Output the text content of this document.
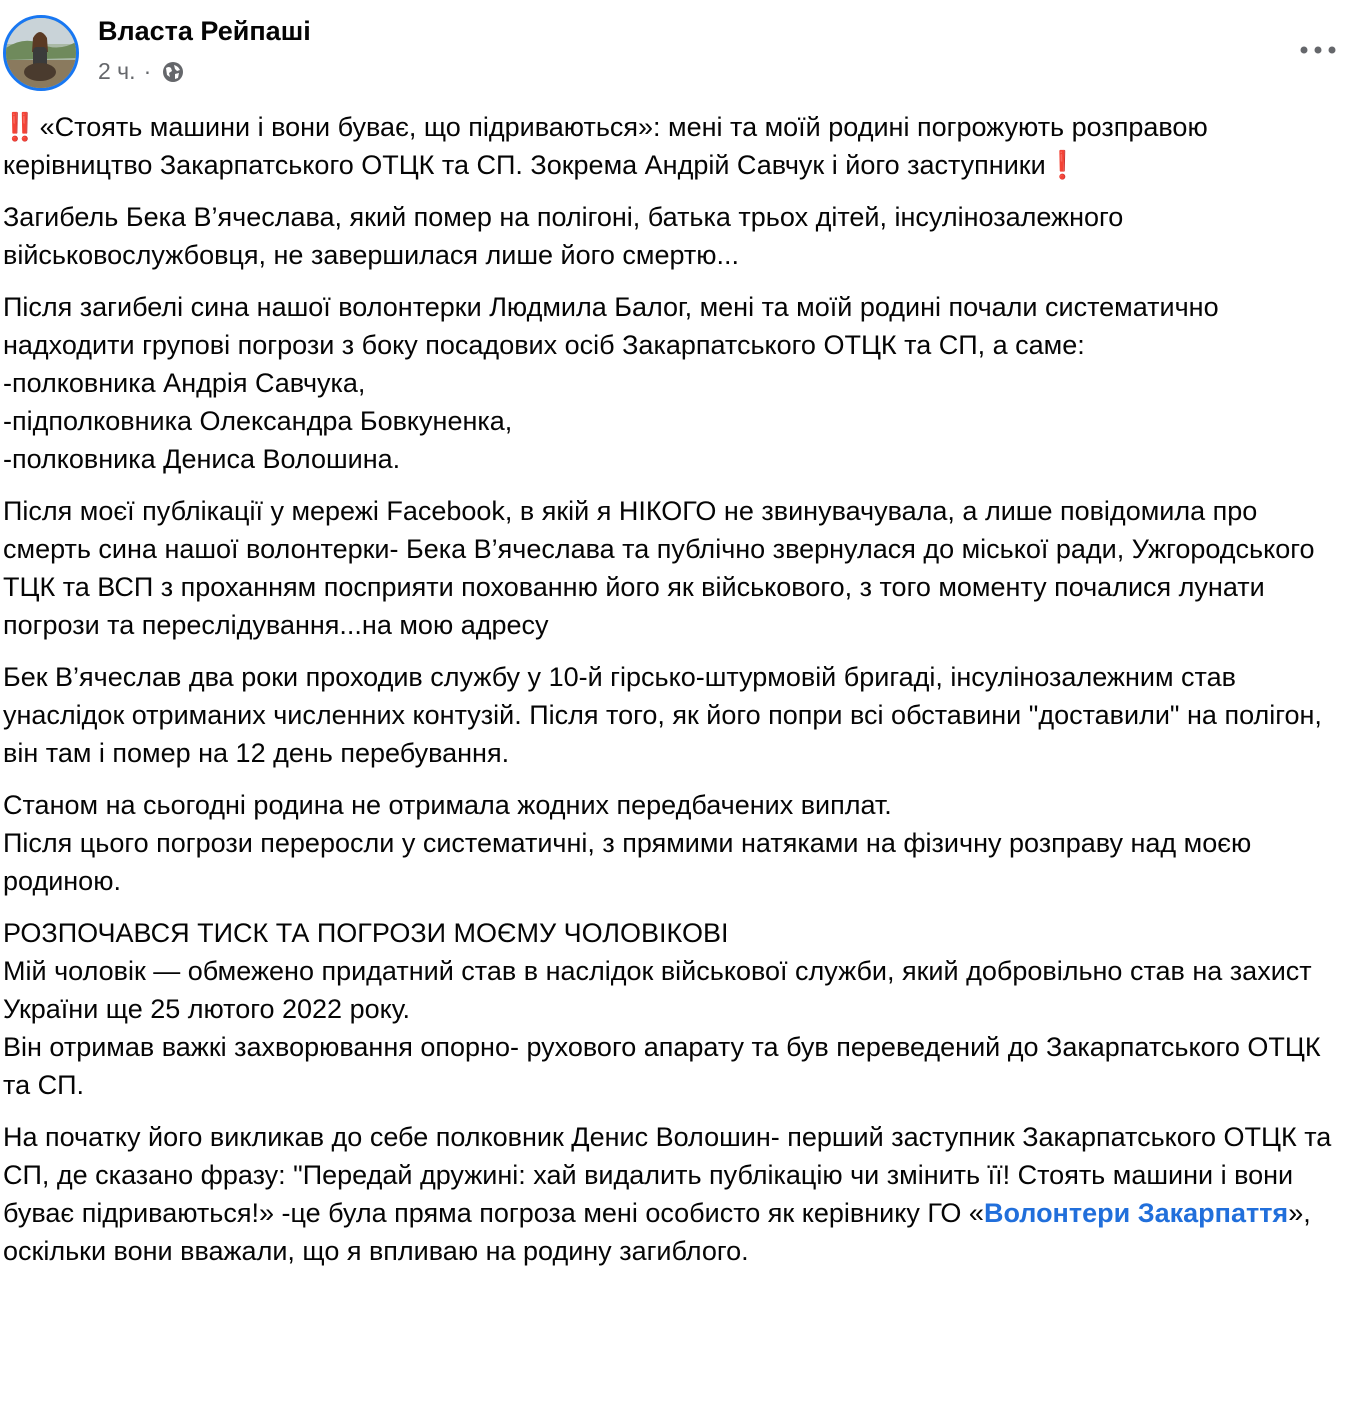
Власта Рейпаші
2 ч. ·

‼️ «Стоять машини і вони буває, що підриваються»: мені та моїй родині погрожують розправою керівництво Закарпатського ОТЦК та СП. Зокрема Андрій Савчук і його заступники❗

Загибель Бека В’ячеслава, який помер на полігоні, батька трьох дітей, інсулінозалежного військовослужбовця, не завершилася лише його смертю...

Після загибелі сина нашої волонтерки Людмила Балог, мені та моїй родині почали систематично надходити групові погрози з боку посадових осіб Закарпатського ОТЦК та СП, а саме:
-полковника Андрія Савчука,
-підполковника Олександра Бовкуненка,
-полковника Дениса Волошина.

Після моєї публікації у мережі Facebook, в якій я НІКОГО не звинувачувала, а лише повідомила про смерть сина нашої волонтерки- Бека В’ячеслава та публічно звернулася до міської ради, Ужгородського ТЦК та ВСП з проханням посприяти похованню його як військового, з того моменту почалися лунати погрози та переслідування...на мою адресу

Бек В’ячеслав два роки проходив службу у 10-й гірсько-штурмовій бригаді, інсулінозалежним став унаслідок отриманих численних контузій. Після того, як його попри всі обставини "доставили" на полігон, він там і помер на 12 день перебування.

Станом на сьогодні родина не отримала жодних передбачених виплат.
Після цього погрози переросли у систематичні, з прямими натяками на фізичну розправу над моєю родиною.

РОЗПОЧАВСЯ ТИСК ТА ПОГРОЗИ МОЄМУ ЧОЛОВІКОВІ
Мій чоловік — обмежено придатний став в наслідок військової служби, який добровільно став на захист України ще 25 лютого 2022 року.
Він отримав важкі захворювання опорно- рухового апарату та був переведений до Закарпатського ОТЦК та СП.

На початку його викликав до себе полковник Денис Волошин- перший заступник Закарпатського ОТЦК та СП, де сказано фразу: "Передай дружині: хай видалить публікацію чи змінить її! Стоять машини і вони буває підриваються!» -це була пряма погроза мені особисто як керівнику ГО «Волонтери Закарпаття», оскільки вони вважали, що я впливаю на родину загиблого.
